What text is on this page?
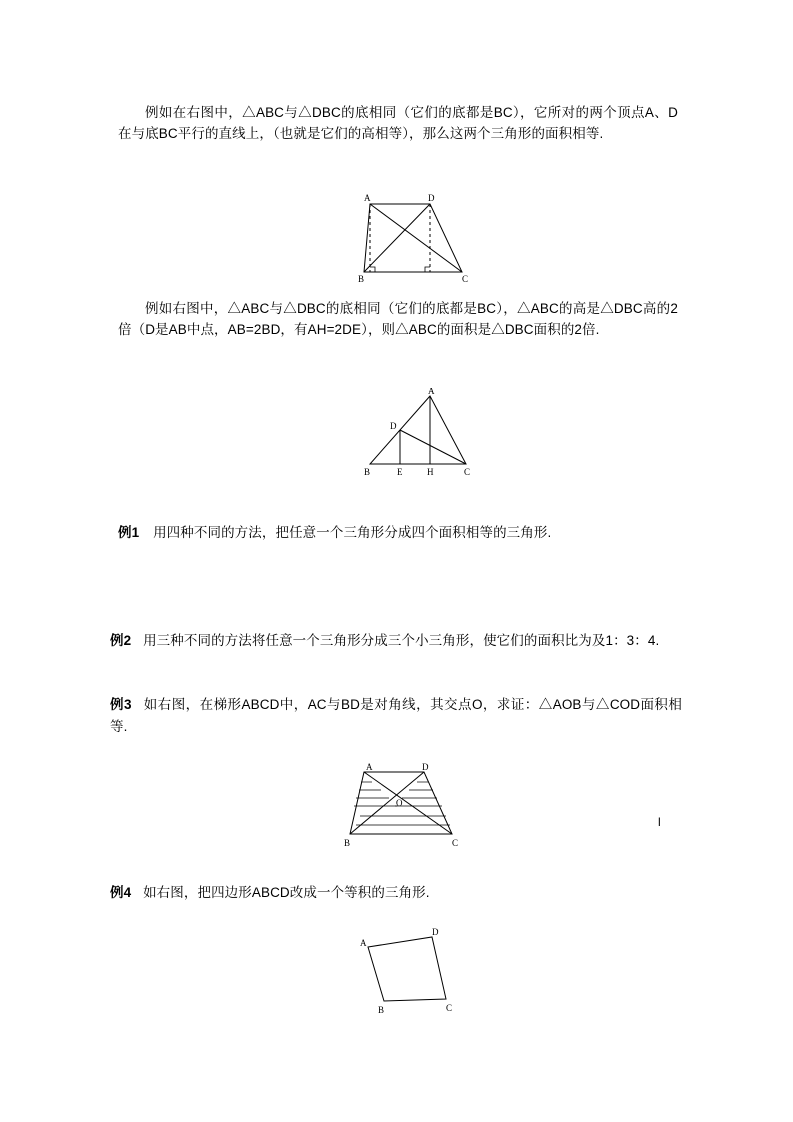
例如在右图中，△ABC与△DBC的底相同（它们的底都是BC），它所对的两个顶点A、D在与底BC平行的直线上，（也就是它们的高相等），那么这两个三角形的面积相等.
A	D
B	C
例如右图中，△ABC与△DBC的底相同（它们的底都是BC），△ABC的高是△DBC高的2倍（D是AB中点，AB=2BD，有AH=2DE），则△ABC的面积是△DBC面积的2倍.
A
D
B	E	H	C
例1 用四种不同的方法，把任意一个三角形分成四个面积相等的三角形.
例2 用三种不同的方法将任意一个三角形分成三个小三角形，使它们的面积比为及1：3：4.
例3 如右图，在梯形ABCD中，AC与BD是对角线，其交点O，求证：△AOB与△COD面积相等.
A	D
O
B	C
l
例4 如右图，把四边形ABCD改成一个等积的三角形.
A
D
B	C
